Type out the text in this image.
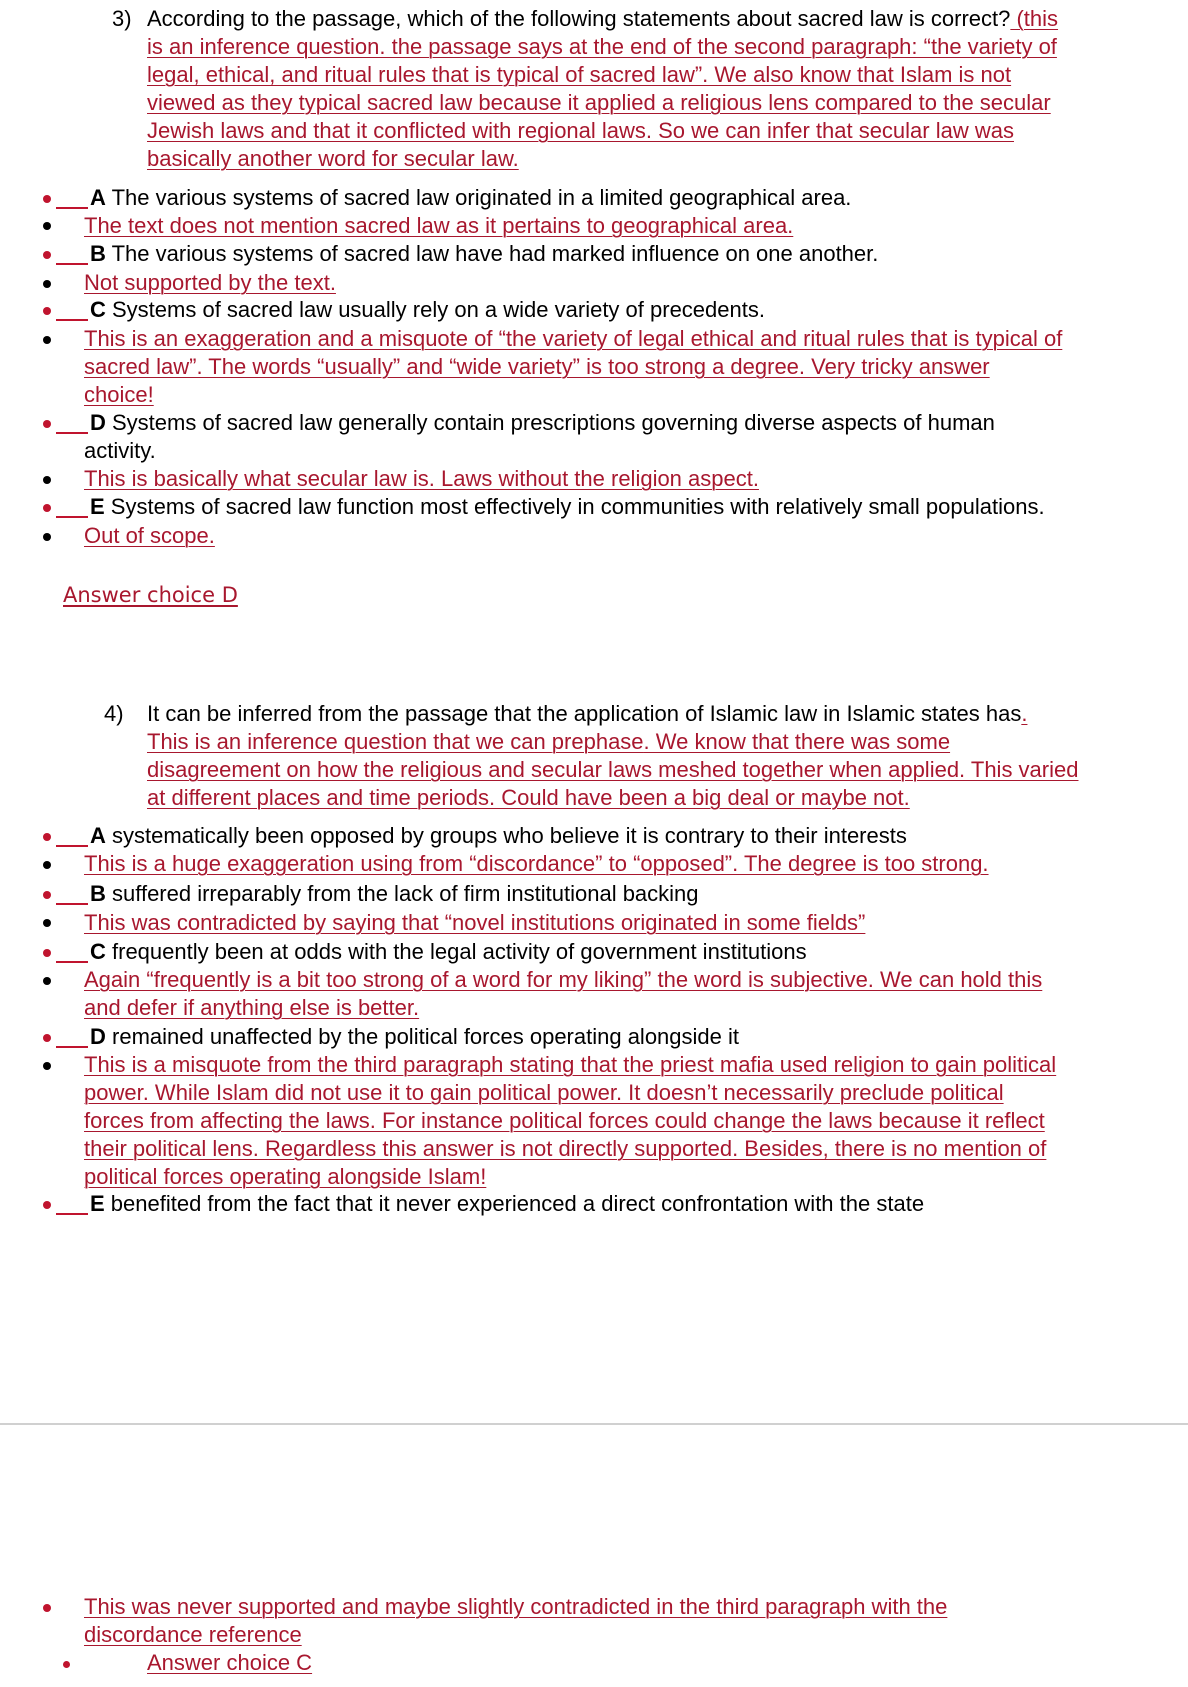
3) According to the passage, which of the following statements about sacred law is correct? (this
is an inference question. the passage says at the end of the second paragraph: “the variety of
legal, ethical, and ritual rules that is typical of sacred law”. We also know that Islam is not
viewed as they typical sacred law because it applied a religious lens compared to the secular
Jewish laws and that it conflicted with regional laws. So we can infer that secular law was
basically another word for secular law.
A The various systems of sacred law originated in a limited geographical area.
The text does not mention sacred law as it pertains to geographical area.
B The various systems of sacred law have had marked influence on one another.
Not supported by the text.
C Systems of sacred law usually rely on a wide variety of precedents.
This is an exaggeration and a misquote of “the variety of legal ethical and ritual rules that is typical of
sacred law”. The words “usually” and “wide variety” is too strong a degree. Very tricky answer
choice!
D Systems of sacred law generally contain prescriptions governing diverse aspects of human
activity.
This is basically what secular law is. Laws without the religion aspect.
E Systems of sacred law function most effectively in communities with relatively small populations.
Out of scope.
Answer choice D
4) It can be inferred from the passage that the application of Islamic law in Islamic states has.
This is an inference question that we can prephase. We know that there was some
disagreement on how the religious and secular laws meshed together when applied. This varied
at different places and time periods. Could have been a big deal or maybe not.
A systematically been opposed by groups who believe it is contrary to their interests
This is a huge exaggeration using from “discordance” to “opposed”. The degree is too strong.
B suffered irreparably from the lack of firm institutional backing
This was contradicted by saying that “novel institutions originated in some fields”
C frequently been at odds with the legal activity of government institutions
Again “frequently is a bit too strong of a word for my liking” the word is subjective. We can hold this
and defer if anything else is better.
D remained unaffected by the political forces operating alongside it
This is a misquote from the third paragraph stating that the priest mafia used religion to gain political
power. While Islam did not use it to gain political power. It doesn’t necessarily preclude political
forces from affecting the laws. For instance political forces could change the laws because it reflect
their political lens. Regardless this answer is not directly supported. Besides, there is no mention of
political forces operating alongside Islam!
E benefited from the fact that it never experienced a direct confrontation with the state
This was never supported and maybe slightly contradicted in the third paragraph with the
discordance reference
Answer choice C
